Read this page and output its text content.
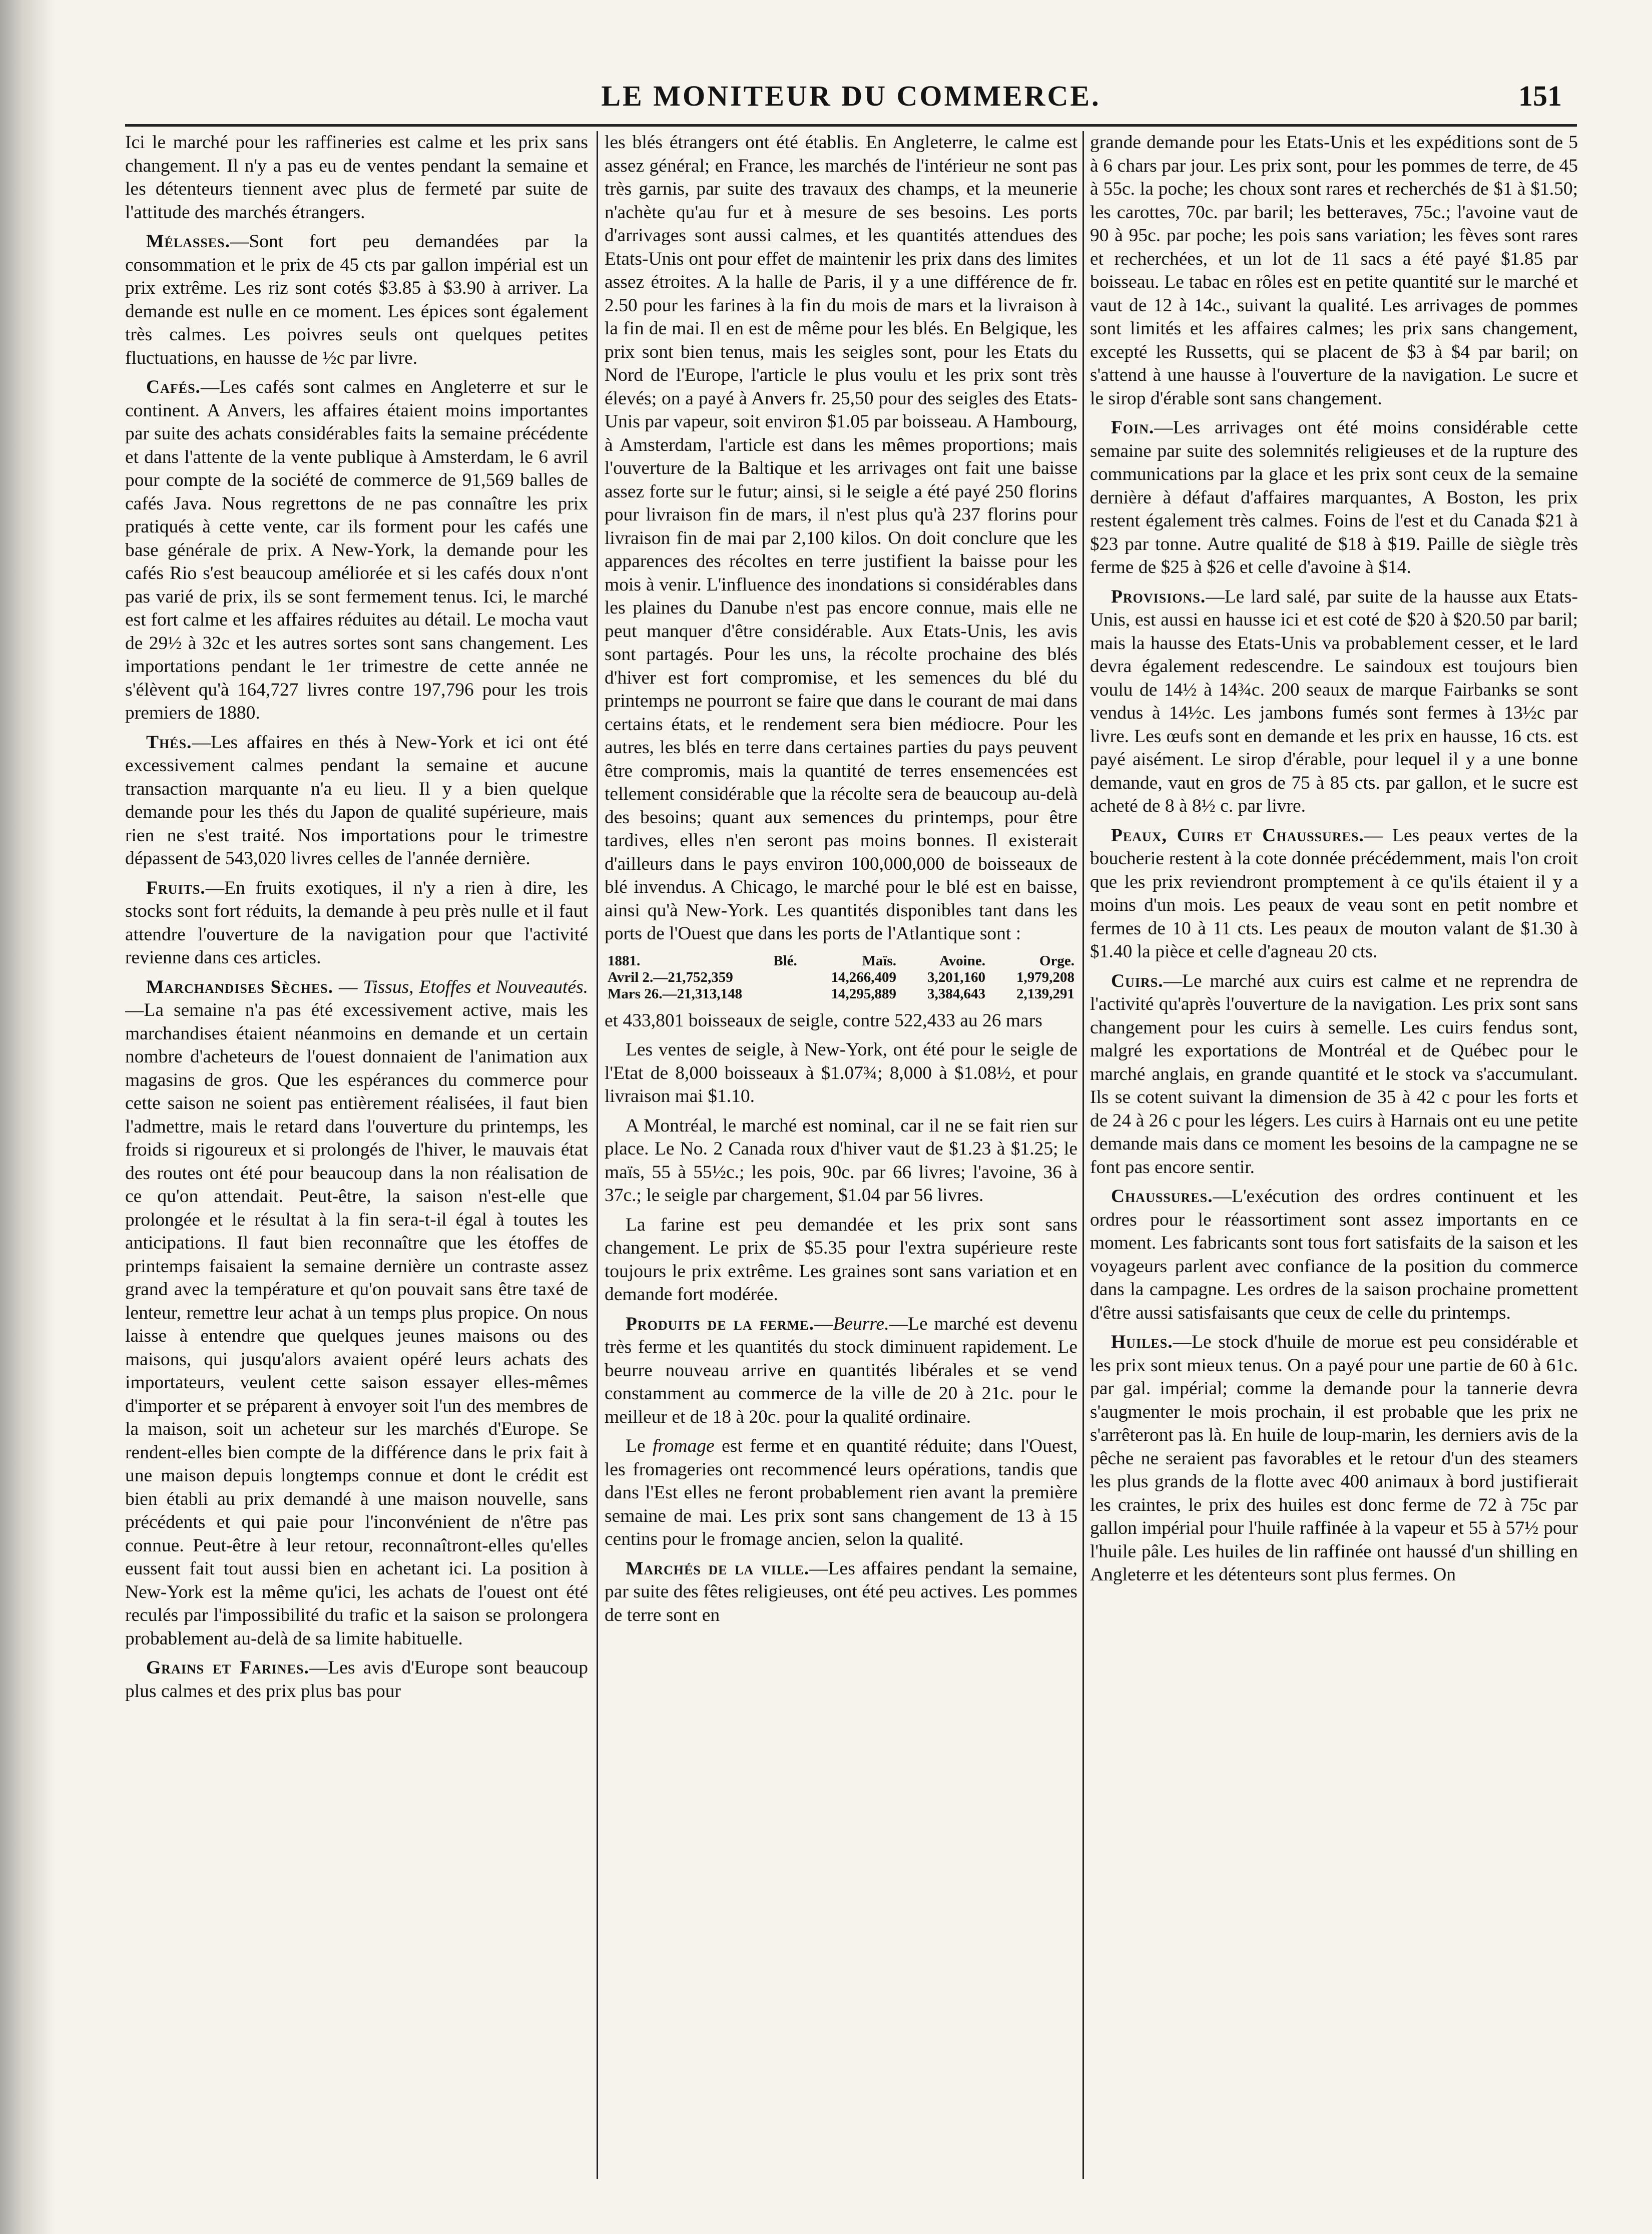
LE MONITEUR DU COMMERCE.	151

Ici le marché pour les raffineries est calme et les prix sans changement. Il n'y a pas eu de ventes pendant la semaine et les détenteurs tiennent avec plus de fermeté par suite de l'attitude des marchés étrangers.

Mélasses.—Sont fort peu demandées par la consommation et le prix de 45 cts par gallon impérial est un prix extrême. Les riz sont cotés $3.85 à $3.90 à arriver. La demande est nulle en ce moment. Les épices sont également très calmes. Les poivres seuls ont quelques petites fluctuations, en hausse de ½c par livre.

Cafés.—Les cafés sont calmes en Angleterre et sur le continent. A Anvers, les affaires étaient moins importantes par suite des achats considérables faits la semaine précédente et dans l'attente de la vente publique à Amsterdam, le 6 avril pour compte de la société de commerce de 91,569 balles de cafés Java. Nous regrettons de ne pas connaître les prix pratiqués à cette vente, car ils forment pour les cafés une base générale de prix. A New-York, la demande pour les cafés Rio s'est beaucoup améliorée et si les cafés doux n'ont pas varié de prix, ils se sont fermement tenus. Ici, le marché est fort calme et les affaires réduites au détail. Le mocha vaut de 29½ à 32c et les autres sortes sont sans changement. Les importations pendant le 1er trimestre de cette année ne s'élèvent qu'à 164,727 livres contre 197,796 pour les trois premiers de 1880.

Thés.—Les affaires en thés à New-York et ici ont été excessivement calmes pendant la semaine et aucune transaction marquante n'a eu lieu. Il y a bien quelque demande pour les thés du Japon de qualité supérieure, mais rien ne s'est traité. Nos importations pour le trimestre dépassent de 543,020 livres celles de l'année dernière.

Fruits.—En fruits exotiques, il n'y a rien à dire, les stocks sont fort réduits, la demande à peu près nulle et il faut attendre l'ouverture de la navigation pour que l'activité revienne dans ces articles.

Marchandises Sèches. — Tissus, Etoffes et Nouveautés.—La semaine n'a pas été excessivement active, mais les marchandises étaient néanmoins en demande et un certain nombre d'acheteurs de l'ouest donnaient de l'animation aux magasins de gros. Que les espérances du commerce pour cette saison ne soient pas entièrement réalisées, il faut bien l'admettre, mais le retard dans l'ouverture du printemps, les froids si rigoureux et si prolongés de l'hiver, le mauvais état des routes ont été pour beaucoup dans la non réalisation de ce qu'on attendait. Peut-être, la saison n'est-elle que prolongée et le résultat à la fin sera-t-il égal à toutes les anticipations. Il faut bien reconnaître que les étoffes de printemps faisaient la semaine dernière un contraste assez grand avec la température et qu'on pouvait sans être taxé de lenteur, remettre leur achat à un temps plus propice. On nous laisse à entendre que quelques jeunes maisons ou des maisons, qui jusqu'alors avaient opéré leurs achats des importateurs, veulent cette saison essayer elles-mêmes d'importer et se préparent à envoyer soit l'un des membres de la maison, soit un acheteur sur les marchés d'Europe. Se rendent-elles bien compte de la différence dans le prix fait à une maison depuis longtemps connue et dont le crédit est bien établi au prix demandé à une maison nouvelle, sans précédents et qui paie pour l'inconvénient de n'être pas connue. Peut-être à leur retour, reconnaîtront-elles qu'elles eussent fait tout aussi bien en achetant ici. La position à New-York est la même qu'ici, les achats de l'ouest ont été reculés par l'impossibilité du trafic et la saison se prolongera probablement au-delà de sa limite habituelle.

Grains et Farines.—Les avis d'Europe sont beaucoup plus calmes et des prix plus bas pour

les blés étrangers ont été établis. En Angleterre, le calme est assez général; en France, les marchés de l'intérieur ne sont pas très garnis, par suite des travaux des champs, et la meunerie n'achète qu'au fur et à mesure de ses besoins. Les ports d'arrivages sont aussi calmes, et les quantités attendues des Etats-Unis ont pour effet de maintenir les prix dans des limites assez étroites. A la halle de Paris, il y a une différence de fr. 2.50 pour les farines à la fin du mois de mars et la livraison à la fin de mai. Il en est de même pour les blés. En Belgique, les prix sont bien tenus, mais les seigles sont, pour les Etats du Nord de l'Europe, l'article le plus voulu et les prix sont très élevés; on a payé à Anvers fr. 25,50 pour des seigles des Etats-Unis par vapeur, soit environ $1.05 par boisseau. A Hambourg, à Amsterdam, l'article est dans les mêmes proportions; mais l'ouverture de la Baltique et les arrivages ont fait une baisse assez forte sur le futur; ainsi, si le seigle a été payé 250 florins pour livraison fin de mars, il n'est plus qu'à 237 florins pour livraison fin de mai par 2,100 kilos. On doit conclure que les apparences des récoltes en terre justifient la baisse pour les mois à venir. L'influence des inondations si considérables dans les plaines du Danube n'est pas encore connue, mais elle ne peut manquer d'être considérable. Aux Etats-Unis, les avis sont partagés. Pour les uns, la récolte prochaine des blés d'hiver est fort compromise, et les semences du blé du printemps ne pourront se faire que dans le courant de mai dans certains états, et le rendement sera bien médiocre. Pour les autres, les blés en terre dans certaines parties du pays peuvent être compromis, mais la quantité de terres ensemencées est tellement considérable que la récolte sera de beaucoup au-delà des besoins; quant aux semences du printemps, pour être tardives, elles n'en seront pas moins bonnes. Il existerait d'ailleurs dans le pays environ 100,000,000 de boisseaux de blé invendus. A Chicago, le marché pour le blé est en baisse, ainsi qu'à New-York. Les quantités disponibles tant dans les ports de l'Ouest que dans les ports de l'Atlantique sont :

1881.	Blé.	Maïs.	Avoine.	Orge.
Avril 2.—21,752,359		14,266,409	3,201,160	1,979,208
Mars 26.—21,313,148		14,295,889	3,384,643	2,139,291

et 433,801 boisseaux de seigle, contre 522,433 au 26 mars

Les ventes de seigle, à New-York, ont été pour le seigle de l'Etat de 8,000 boisseaux à $1.07¾; 8,000 à $1.08½, et pour livraison mai $1.10.

A Montréal, le marché est nominal, car il ne se fait rien sur place. Le No. 2 Canada roux d'hiver vaut de $1.23 à $1.25; le maïs, 55 à 55½c.; les pois, 90c. par 66 livres; l'avoine, 36 à 37c.; le seigle par chargement, $1.04 par 56 livres.

La farine est peu demandée et les prix sont sans changement. Le prix de $5.35 pour l'extra supérieure reste toujours le prix extrême. Les graines sont sans variation et en demande fort modérée.

Produits de la ferme.—Beurre.—Le marché est devenu très ferme et les quantités du stock diminuent rapidement. Le beurre nouveau arrive en quantités libérales et se vend constamment au commerce de la ville de 20 à 21c. pour le meilleur et de 18 à 20c. pour la qualité ordinaire.

Le fromage est ferme et en quantité réduite; dans l'Ouest, les fromageries ont recommencé leurs opérations, tandis que dans l'Est elles ne feront probablement rien avant la première semaine de mai. Les prix sont sans changement de 13 à 15 centins pour le fromage ancien, selon la qualité.

Marchés de la ville.—Les affaires pendant la semaine, par suite des fêtes religieuses, ont été peu actives. Les pommes de terre sont en

grande demande pour les Etats-Unis et les expéditions sont de 5 à 6 chars par jour. Les prix sont, pour les pommes de terre, de 45 à 55c. la poche; les choux sont rares et recherchés de $1 à $1.50; les carottes, 70c. par baril; les betteraves, 75c.; l'avoine vaut de 90 à 95c. par poche; les pois sans variation; les fèves sont rares et recherchées, et un lot de 11 sacs a été payé $1.85 par boisseau. Le tabac en rôles est en petite quantité sur le marché et vaut de 12 à 14c., suivant la qualité. Les arrivages de pommes sont limités et les affaires calmes; les prix sans changement, excepté les Russetts, qui se placent de $3 à $4 par baril; on s'attend à une hausse à l'ouverture de la navigation. Le sucre et le sirop d'érable sont sans changement.

Foin.—Les arrivages ont été moins considérable cette semaine par suite des solemnités religieuses et de la rupture des communications par la glace et les prix sont ceux de la semaine dernière à défaut d'affaires marquantes, A Boston, les prix restent également très calmes. Foins de l'est et du Canada $21 à $23 par tonne. Autre qualité de $18 à $19. Paille de siègle très ferme de $25 à $26 et celle d'avoine à $14.

Provisions.—Le lard salé, par suite de la hausse aux Etats-Unis, est aussi en hausse ici et est coté de $20 à $20.50 par baril; mais la hausse des Etats-Unis va probablement cesser, et le lard devra également redescendre. Le saindoux est toujours bien voulu de 14½ à 14¾c. 200 seaux de marque Fairbanks se sont vendus à 14½c. Les jambons fumés sont fermes à 13½c par livre. Les œufs sont en demande et les prix en hausse, 16 cts. est payé aisément. Le sirop d'érable, pour lequel il y a une bonne demande, vaut en gros de 75 à 85 cts. par gallon, et le sucre est acheté de 8 à 8½ c. par livre.

Peaux, Cuirs et Chaussures.— Les peaux vertes de la boucherie restent à la cote donnée précédemment, mais l'on croit que les prix reviendront promptement à ce qu'ils étaient il y a moins d'un mois. Les peaux de veau sont en petit nombre et fermes de 10 à 11 cts. Les peaux de mouton valant de $1.30 à $1.40 la pièce et celle d'agneau 20 cts.

Cuirs.—Le marché aux cuirs est calme et ne reprendra de l'activité qu'après l'ouverture de la navigation. Les prix sont sans changement pour les cuirs à semelle. Les cuirs fendus sont, malgré les exportations de Montréal et de Québec pour le marché anglais, en grande quantité et le stock va s'accumulant. Ils se cotent suivant la dimension de 35 à 42 c pour les forts et de 24 à 26 c pour les légers. Les cuirs à Harnais ont eu une petite demande mais dans ce moment les besoins de la campagne ne se font pas encore sentir.

Chaussures.—L'exécution des ordres continuent et les ordres pour le réassortiment sont assez importants en ce moment. Les fabricants sont tous fort satisfaits de la saison et les voyageurs parlent avec confiance de la position du commerce dans la campagne. Les ordres de la saison prochaine promettent d'être aussi satisfaisants que ceux de celle du printemps.

Huiles.—Le stock d'huile de morue est peu considérable et les prix sont mieux tenus. On a payé pour une partie de 60 à 61c. par gal. impérial; comme la demande pour la tannerie devra s'augmenter le mois prochain, il est probable que les prix ne s'arrêteront pas là. En huile de loup-marin, les derniers avis de la pêche ne seraient pas favorables et le retour d'un des steamers les plus grands de la flotte avec 400 animaux à bord justifierait les craintes, le prix des huiles est donc ferme de 72 à 75c par gallon impérial pour l'huile raffinée à la vapeur et 55 à 57½ pour l'huile pâle. Les huiles de lin raffinée ont haussé d'un shilling en Angleterre et les détenteurs sont plus fermes. On
